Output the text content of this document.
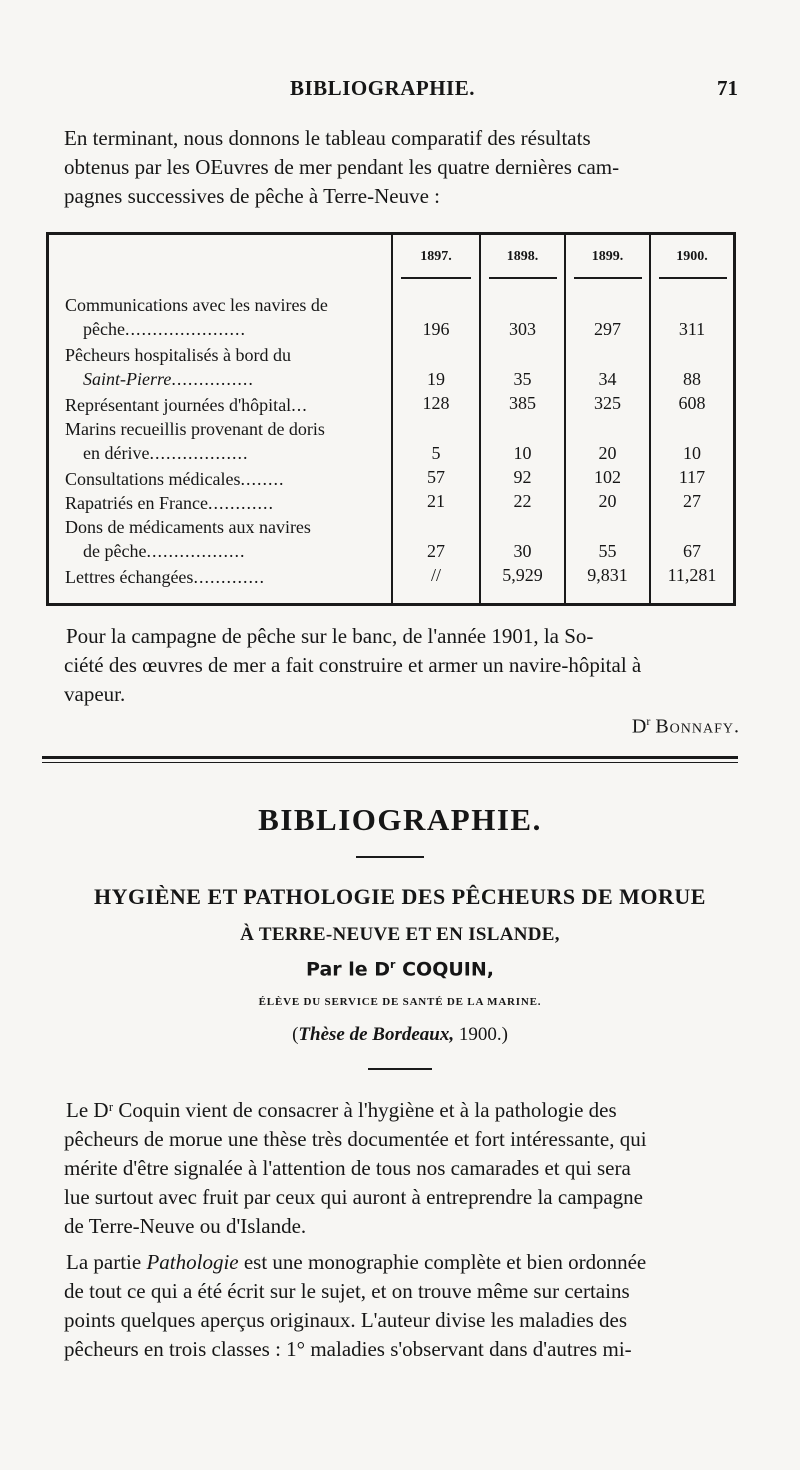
BIBLIOGRAPHIE.	71
En terminant, nous donnons le tableau comparatif des résultats
obtenus par les OEuvres de mer pendant les quatre dernières cam-
pagnes successives de pêche à Terre-Neuve :
1897.	1898.	1899.	1900.
Communications avec les navires de
pêche......................	196	303	297	311
Pêcheurs hospitalisés à bord du
Saint-Pierre...............	19	35	34	88
Représentant journées d'hôpital...	128	385	325	608
Marins recueillis provenant de doris
en dérive..................	5	10	20	10
Consultations médicales........	57	92	102	117
Rapatriés en France............	21	22	20	27
Dons de médicaments aux navires
de pêche..................	27	30	55	67
Lettres échangées.............	//	5,929	9,831	11,281
Pour la campagne de pêche sur le banc, de l'année 1901, la So-
ciété des œuvres de mer a fait construire et armer un navire-hôpital à
vapeur.
$D^r$ Bonnafy.
BIBLIOGRAPHIE.
HYGIÈNE ET PATHOLOGIE DES PÊCHEURS DE MORUE
À TERRE-NEUVE ET EN ISLANDE,
Par le $D^r$ COQUIN,
ÉLÈVE DU SERVICE DE SANTÉ DE LA MARINE.
(Thèse de Bordeaux, 1900.)
Le Dʳ Coquin vient de consacrer à l'hygiène et à la pathologie des
pêcheurs de morue une thèse très documentée et fort intéressante, qui
mérite d'être signalée à l'attention de tous nos camarades et qui sera
lue surtout avec fruit par ceux qui auront à entreprendre la campagne
de Terre-Neuve ou d'Islande.
La partie Pathologie est une monographie complète et bien ordonnée
de tout ce qui a été écrit sur le sujet, et on trouve même sur certains
points quelques aperçus originaux. L'auteur divise les maladies des
pêcheurs en trois classes : 1° maladies s'observant dans d'autres mi-
